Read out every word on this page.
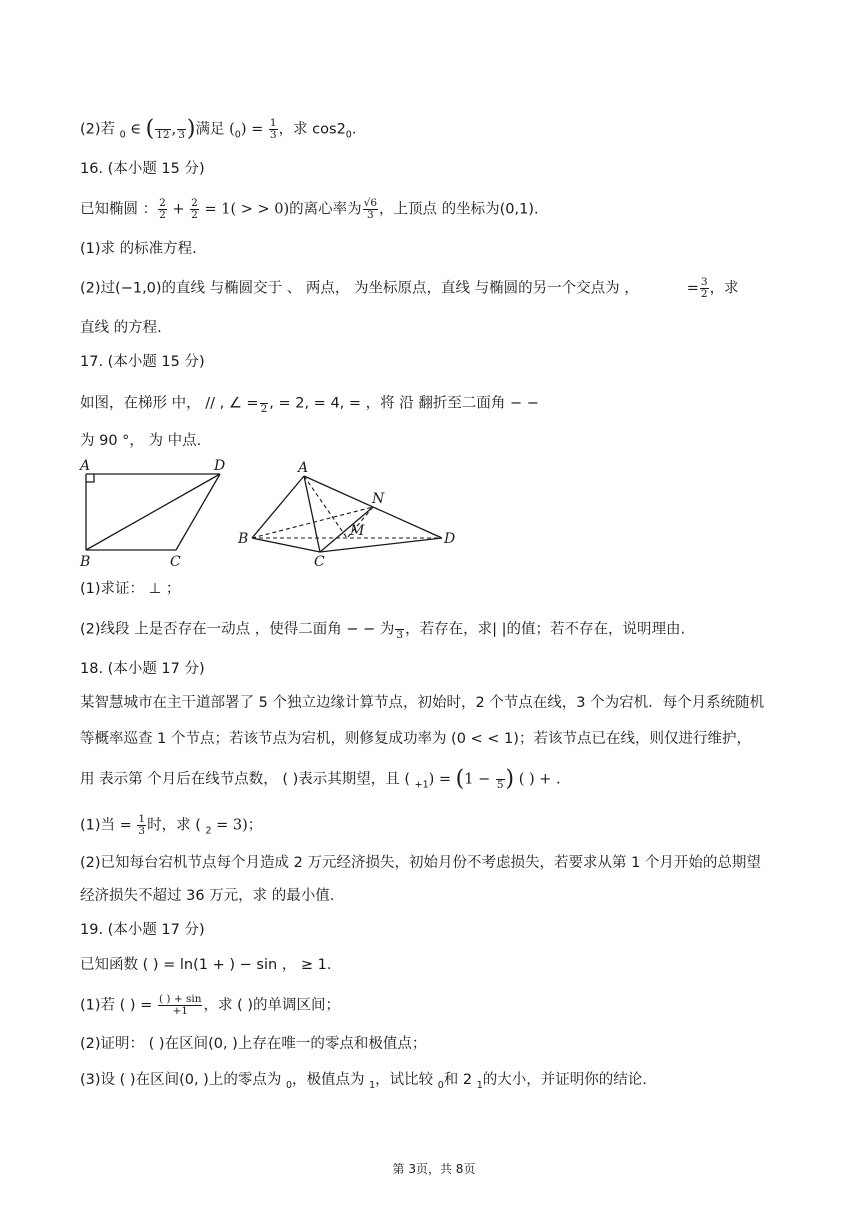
(2)若 $_0$ ∈ (
12 ,
3 )满足 $(_0) = \frac{1}{3}$ ，求 $\cos 2_0$.
16. (本小题 15 分)
已知椭圆 ： $\frac{2}{2} + \frac{2}{2} = 1$( > > 0)的离心率为 $\frac{√6}{3}$ ，上顶点 的坐标为(0,1).
(1)求 的标准方程.
(2)过(−1,0)的直线 与椭圆交于 、 两点， 为坐标原点，直线 与椭圆的另一个交点为 ，	= $\frac{3}{2}$ ，求
直线 的方程.
17. (本小题 15 分)
如图，在梯形 中， // , ∠ =
2 , = 2, = 4, = ，将 沿 翻折至二面角 − −
为 90 °， 为 中点.
A	D
B	C
A
N
M
B
C
D
(1)求证： ⊥ ；
(2)线段 上是否存在一动点 ，使得二面角 − − 为
3 ，若存在，求| |的值；若不存在，说明理由.
18. (本小题 17 分)
某智慧城市在主干道部署了 5 个独立边缘计算节点，初始时，2 个节点在线，3 个为宕机．每个月系统随机
等概率巡查 1 个节点；若该节点为宕机，则修复成功率为 (0 < < 1)；若该节点已在线，则仅进行维护，
用 表示第 个月后在线节点数， ( )表示其期望，且 ( $_{+1}$) = (1 −
5 ) ( ) + .
(1)当 = $\frac{1}{3}$ 时，求 ( $_2$ = 3)；
(2)已知每台宕机节点每个月造成 2 万元经济损失，初始月份不考虑损失，若要求从第 1 个月开始的总期望
经济损失不超过 36 万元，求 的最小值.
19. (本小题 17 分)
已知函数 ( ) = ln(1 + ) − sin ， ≥ 1.
(1)若 ( ) = $\frac{( ) + \sin}{+1}$ ，求 ( )的单调区间；
(2)证明： ( )在区间(0, )上存在唯一的零点和极值点；
(3)设 ( )在区间(0, )上的零点为 $_0$，极值点为 $_1$，试比较 $_0$和 2 $_1$的大小，并证明你的结论.
第 3页，共 8页
